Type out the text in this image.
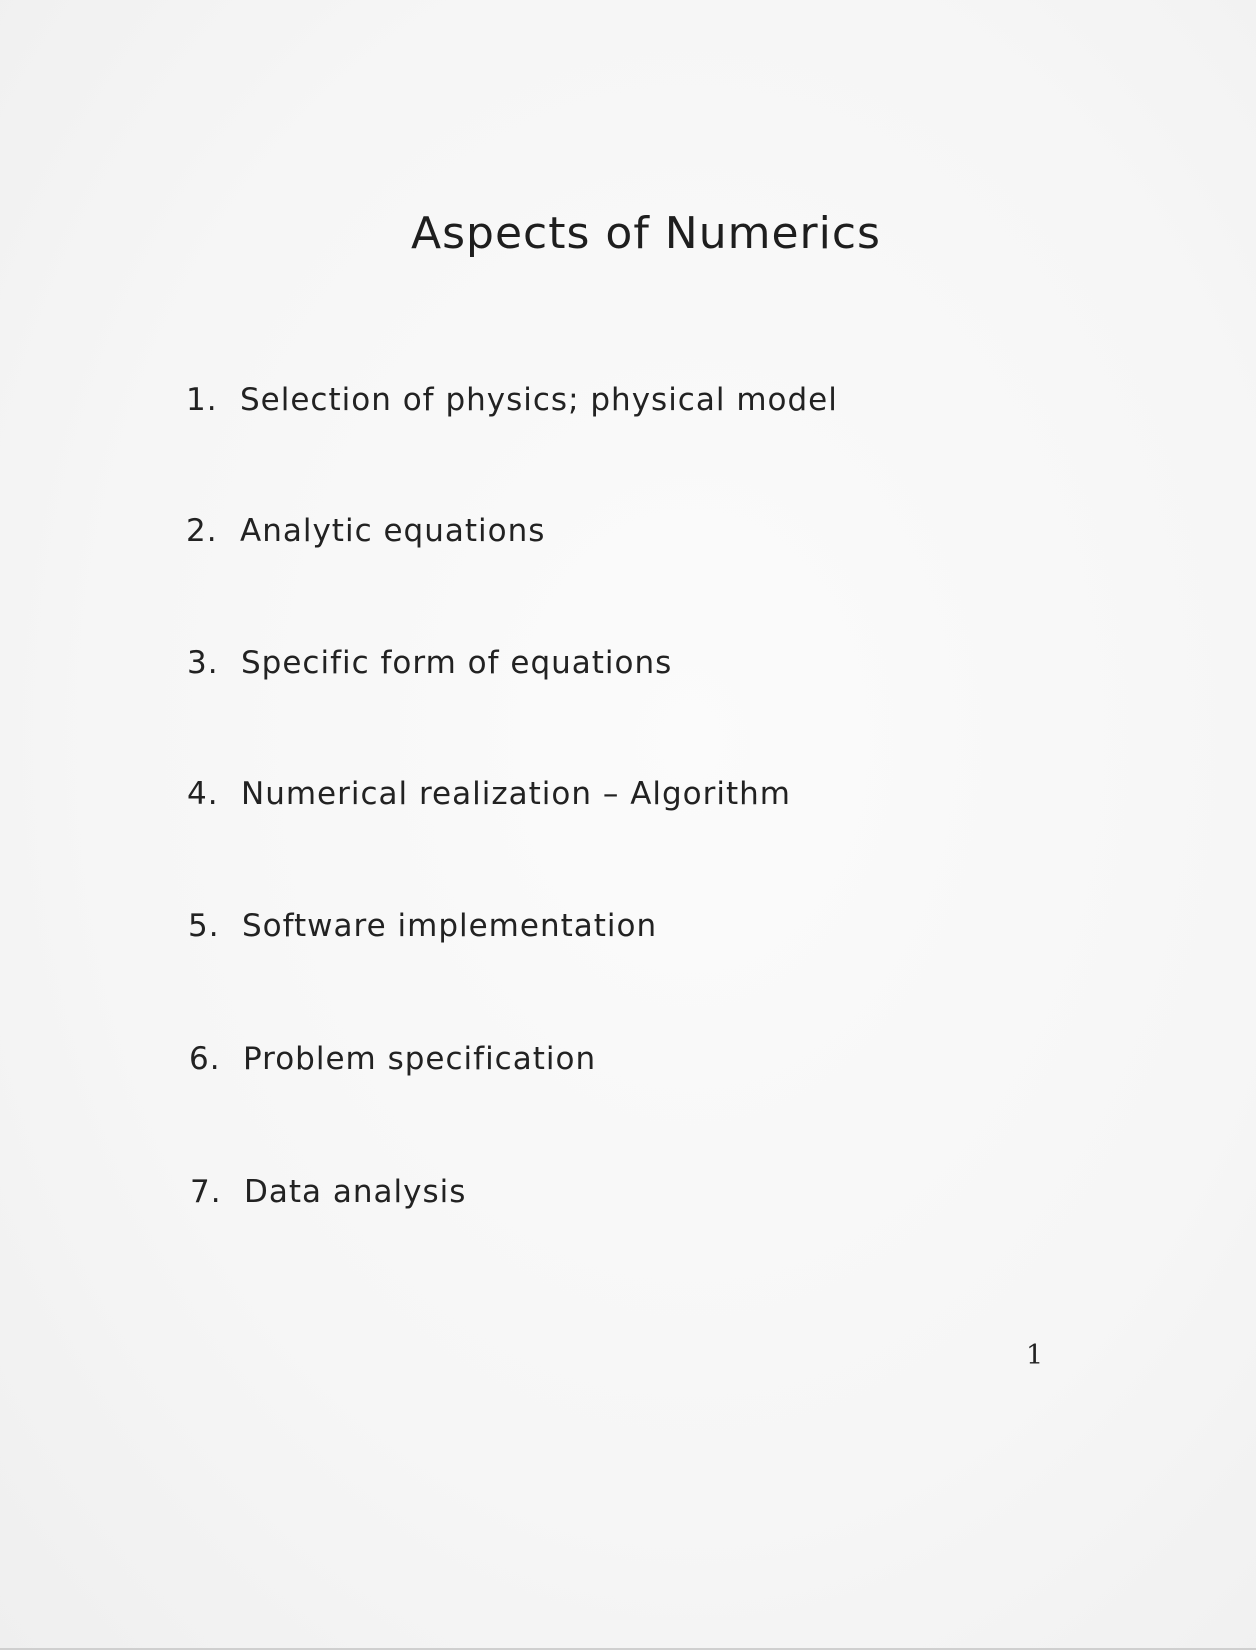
Aspects of Numerics
1. Selection of physics; physical model
2. Analytic equations
3. Specific form of equations
4. Numerical realization – Algorithm
5. Software implementation
6. Problem specification
7. Data analysis
1
